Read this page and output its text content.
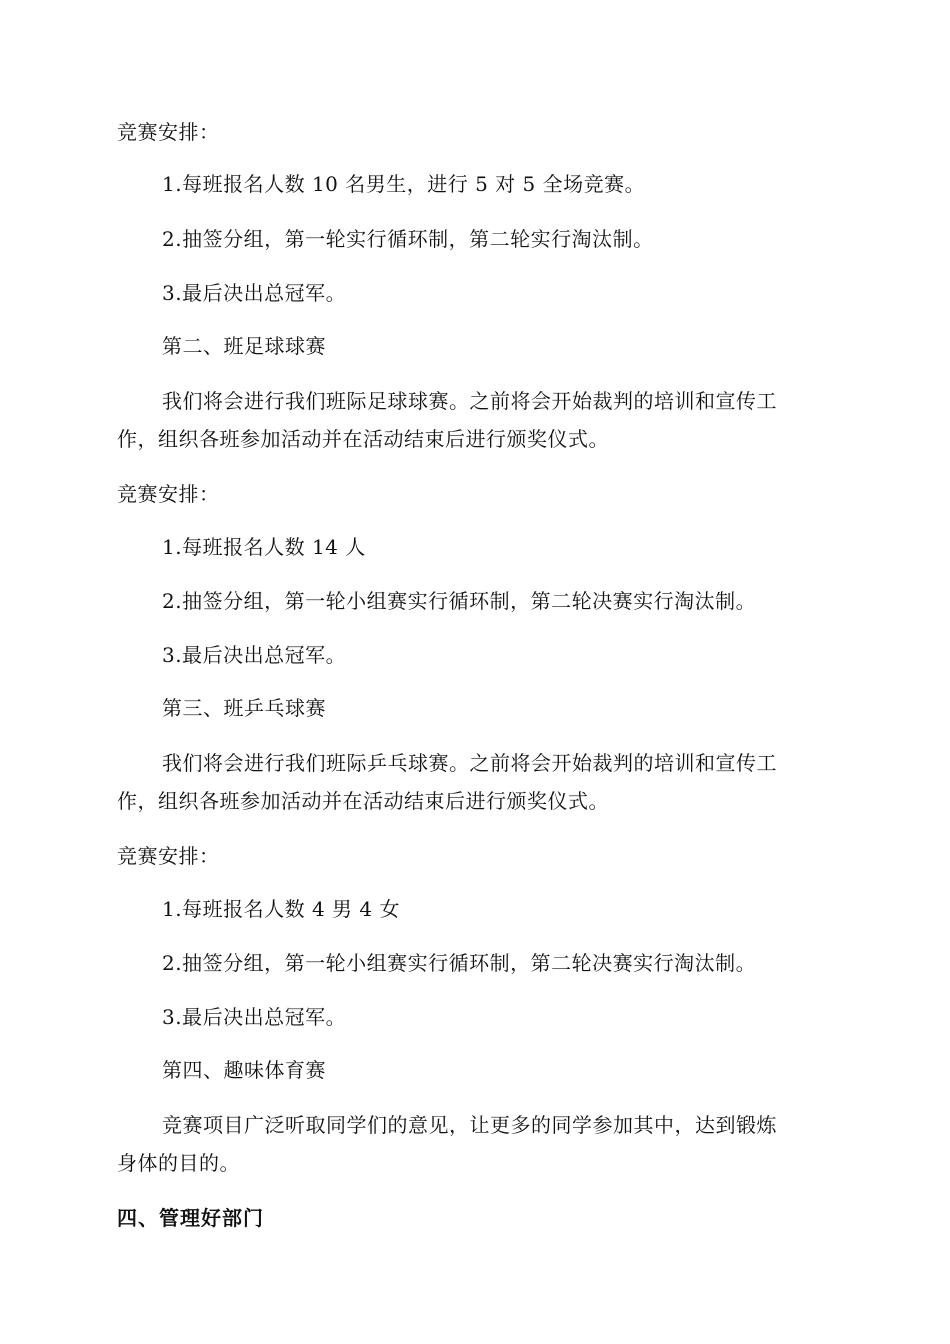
竞赛安排：
1.每班报名人数 10 名男生，进行 5 对 5 全场竞赛。
2.抽签分组，第一轮实行循环制，第二轮实行淘汰制。
3.最后决出总冠军。
第二、班足球球赛
我们将会进行我们班际足球球赛。之前将会开始裁判的培训和宣传工
作，组织各班参加活动并在活动结束后进行颁奖仪式。
竞赛安排：
1.每班报名人数 14 人
2.抽签分组，第一轮小组赛实行循环制，第二轮决赛实行淘汰制。
3.最后决出总冠军。
第三、班乒乓球赛
我们将会进行我们班际乒乓球赛。之前将会开始裁判的培训和宣传工
作，组织各班参加活动并在活动结束后进行颁奖仪式。
竞赛安排：
1.每班报名人数 4 男 4 女
2.抽签分组，第一轮小组赛实行循环制，第二轮决赛实行淘汰制。
3.最后决出总冠军。
第四、趣味体育赛
竞赛项目广泛听取同学们的意见，让更多的同学参加其中，达到锻炼
身体的目的。
四、管理好部门
